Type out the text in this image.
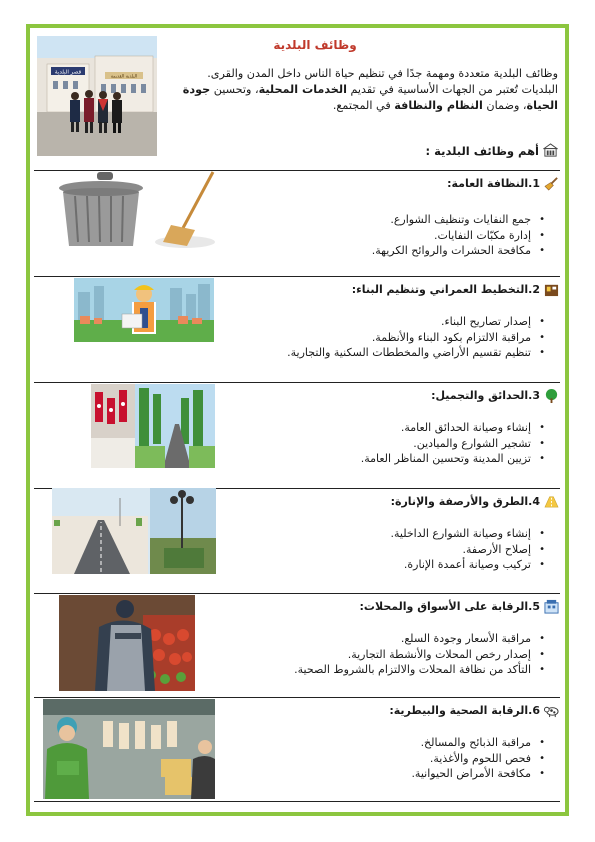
قصر البلدية
البلدية القديمة
وظائف البلدية
وظائف البلدية متعددة ومهمة جدًا في تنظيم حياة الناس داخل المدن والقرى.
البلديات تُعتبر من الجهات الأساسية في تقديم الخدمات المحلية، وتحسين جودة الحياة، وضمان النظام والنظافة في المجتمع.
أهم وظائف البلدية :
1.النظافة العامة:
• جمع النفايات وتنظيف الشوارع.
• إدارة مكبّات النفايات.
• مكافحة الحشرات والروائح الكريهة.
2.التخطيط العمراني وتنظيم البناء:
• إصدار تصاريح البناء.
• مراقبة الالتزام بكود البناء والأنظمة.
• تنظيم تقسيم الأراضي والمخططات السكنية والتجارية.
3.الحدائق والتجميل:
• إنشاء وصيانة الحدائق العامة.
• تشجير الشوارع والميادين.
• تزيين المدينة وتحسين المناظر العامة.
4.الطرق والأرصفة والإنارة:
• إنشاء وصيانة الشوارع الداخلية.
• إصلاح الأرصفة.
• تركيب وصيانة أعمدة الإنارة.
5.الرقابة على الأسواق والمحلات:
• مراقبة الأسعار وجودة السلع.
• إصدار رخص المحلات والأنشطة التجارية.
• التأكد من نظافة المحلات والالتزام بالشروط الصحية.
6.الرقابة الصحية والبيطرية:
• مراقبة الذبائح والمسالخ.
• فحص اللحوم والأغذية.
• مكافحة الأمراض الحيوانية.
